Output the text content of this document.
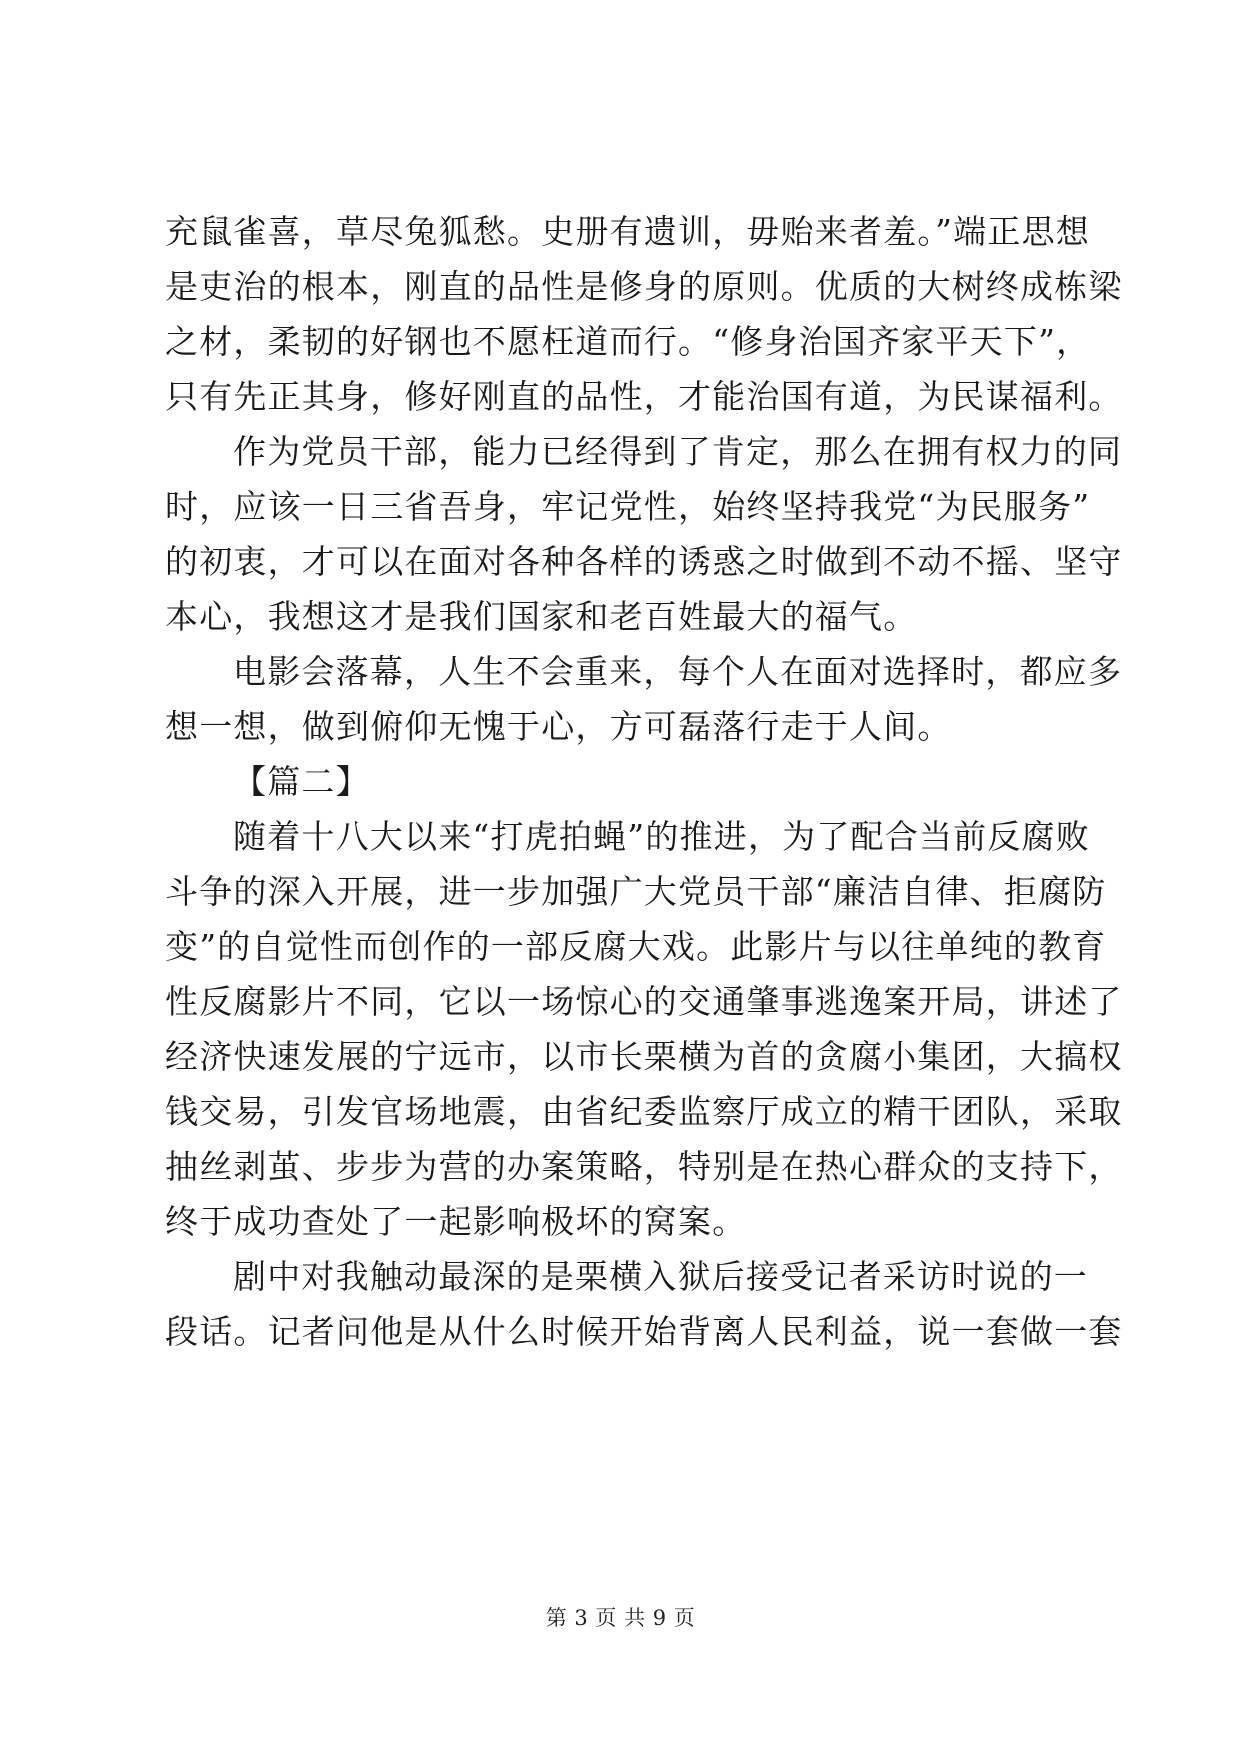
充鼠雀喜，草尽兔狐愁。史册有遗训，毋贻来者羞。”端正思想
是吏治的根本，刚直的品性是修身的原则。优质的大树终成栋梁
之材，柔韧的好钢也不愿枉道而行。“修身治国齐家平天下”，
只有先正其身，修好刚直的品性，才能治国有道，为民谋福利。
作为党员干部，能力已经得到了肯定，那么在拥有权力的同
时，应该一日三省吾身，牢记党性，始终坚持我党“为民服务”
的初衷，才可以在面对各种各样的诱惑之时做到不动不摇、坚守
本心，我想这才是我们国家和老百姓最大的福气。
电影会落幕，人生不会重来，每个人在面对选择时，都应多
想一想，做到俯仰无愧于心，方可磊落行走于人间。
【篇二】
随着十八大以来“打虎拍蝇”的推进，为了配合当前反腐败
斗争的深入开展，进一步加强广大党员干部“廉洁自律、拒腐防
变”的自觉性而创作的一部反腐大戏。此影片与以往单纯的教育
性反腐影片不同，它以一场惊心的交通肇事逃逸案开局，讲述了
经济快速发展的宁远市，以市长栗横为首的贪腐小集团，大搞权
钱交易，引发官场地震，由省纪委监察厅成立的精干团队，采取
抽丝剥茧、步步为营的办案策略，特别是在热心群众的支持下，
终于成功查处了一起影响极坏的窝案。
剧中对我触动最深的是栗横入狱后接受记者采访时说的一
段话。记者问他是从什么时候开始背离人民利益，说一套做一套
第 3 页 共 9 页
